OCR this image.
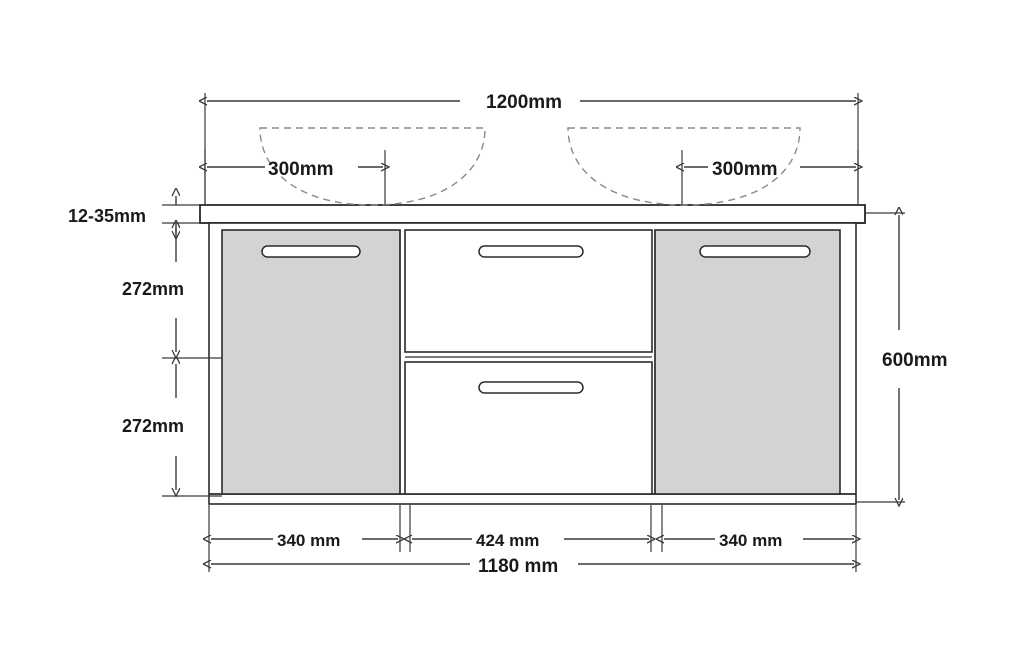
1200mm
300mm	300mm
12-35mm
272mm
272mm
600mm
340 mm	424 mm	340 mm
1180 mm
